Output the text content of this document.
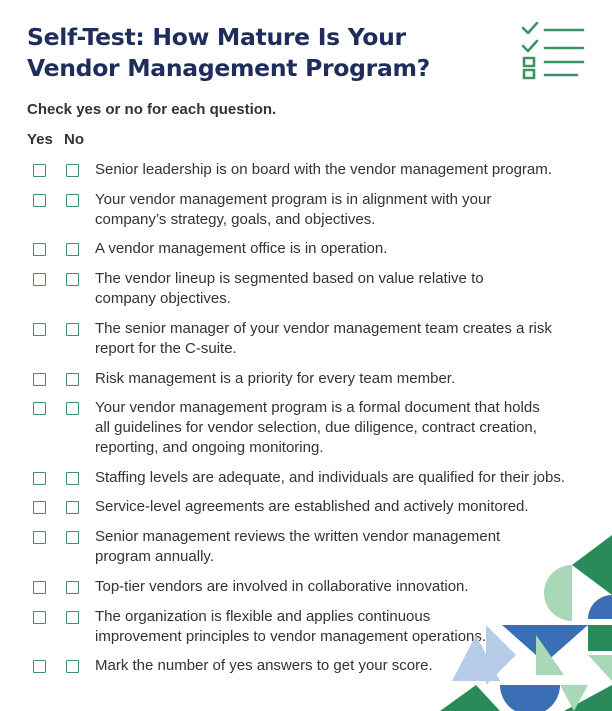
Self-Test: How Mature Is Your
Vendor Management Program?
Check yes or no for each question.
Yes No
Senior leadership is on board with the vendor management program.
Your vendor management program is in alignment with your
company’s strategy, goals, and objectives.
A vendor management office is in operation.
The vendor lineup is segmented based on value relative to
company objectives.
The senior manager of your vendor management team creates a risk
report for the C-suite.
Risk management is a priority for every team member.
Your vendor management program is a formal document that holds
all guidelines for vendor selection, due diligence, contract creation,
reporting, and ongoing monitoring.
Staffing levels are adequate, and individuals are qualified for their jobs.
Service-level agreements are established and actively monitored.
Senior management reviews the written vendor management
program annually.
Top-tier vendors are involved in collaborative innovation.
The organization is flexible and applies continuous
improvement principles to vendor management operations.
Mark the number of yes answers to get your score.
